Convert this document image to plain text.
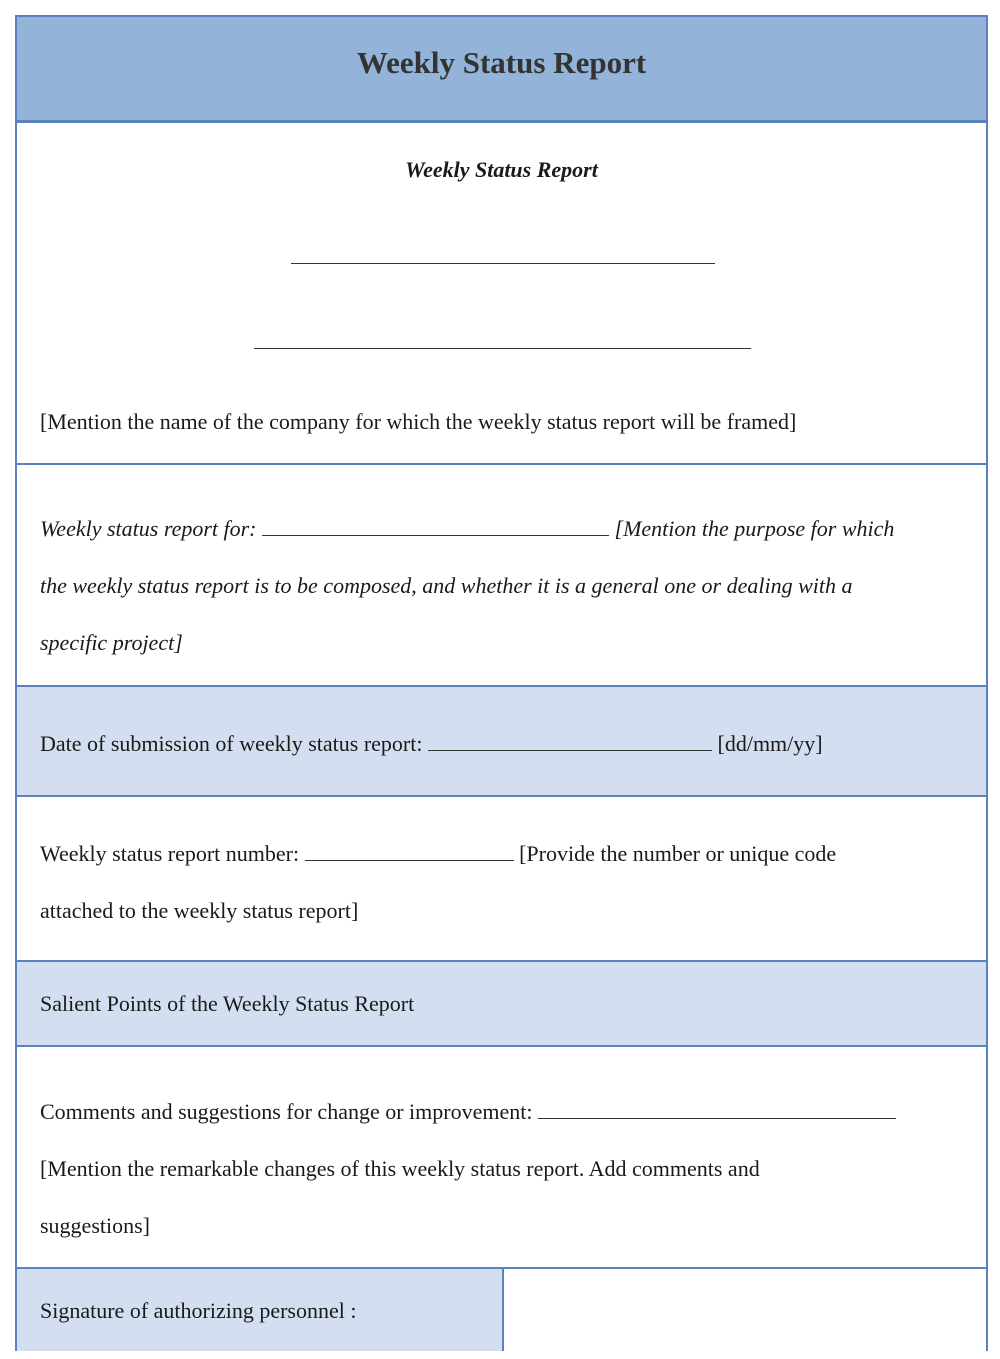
Weekly Status Report
Weekly Status Report
[Mention the name of the company for which the weekly status report will be framed]
Weekly status report for:	[Mention the purpose for which
the weekly status report is to be composed, and whether it is a general one or dealing with a
specific project]
Date of submission of weekly status report:	[dd/mm/yy]
Weekly status report number:	[Provide the number or unique code
attached to the weekly status report]
Salient Points of the Weekly Status Report
Comments and suggestions for change or improvement:
[Mention the remarkable changes of this weekly status report. Add comments and
suggestions]
Signature of authorizing personnel :
